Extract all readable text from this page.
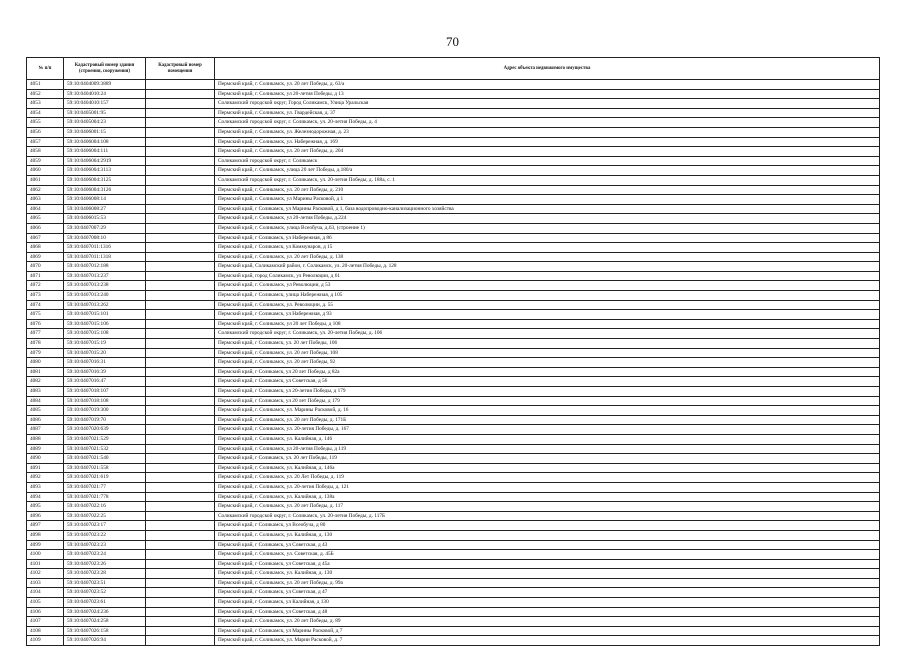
70
№ п/п	Кадастровый номер здания (строения, сооружения)	Кадастровый номер помещения	Адрес объекта недвижимого имущества
4051	59:10:0404009:3889		Пермский край, г. Соликамск, ул. 20 лет Победы, д. 63/а
4052	59:10:0404010:24		Пермский край, г. Соликамск, ул 20-летия Победы, д 13
4053	59:10:0404010:157		Соликамский городской округ, Город Соликамск, Улица Уральская
4054	59:10:0405001:95		Пермский край, г. Соликамск, ул. Гвардейская, д. 37
4055	59:10:0405004:23		Соликамский городской округ, г. Соликамск, ул. 20-летия Победы, д. 4
4056	59:10:0406001:15		Пермский край, г. Соликамск, ул. Железнодорожная, д. 23
4057	59:10:0406004:108		Пермский край, г. Соликамск, ул. Набережная, д. 169
4058	59:10:0406004:111		Пермский край, г. Соликамск, ул. 20 лет Победы, д. 204
4059	59:10:0406004:2919		Соликамский городской округ, г. Соликамск
4060	59:10:0406004:3113		Пермский край, г. Соликамск, улица 20 лет Победы, д.180/а
4061	59:10:0406004:3125		Соликамский городской округ, г. Соликамск, ул. 20-летия Победы, д. 188а, с. 1
4062	59:10:0406004:3126		Пермский край, г. Соликамск, ул. 20 лет Победы, д. 210
4063	59:10:0406008:14		Пермский край, г. Соликамск, ул Марины Расковой, д 1
4064	59:10:0406008:27		Пермский край, г Соликамск, ул Марины Расковой, д 1, база водопроводно-канализационного хозяйства
4065	59:10:0406015:53		Пермский край, г. Соликамск, ул 20-летия Победы, д.224
4066	59:10:0407007:29		Пермский край, г. Соликамск, улица Всеобуча, д.63, (строение 1)
4067	59:10:0407008:10		Пермский край, г Соликамск, ул Набережная, д 86
4068	59:10:0407011:1316		Пермский край, г Соликамск, ул Коммунаров, д 15
4069	59:10:0407011:1318		Пермский край, г. Соликамск, ул. 20 лет Победы, д. 138
4070	59:10:0407012:188		Пермский край, Соликамский район, г. Соликамск, ул. 20-летия Победы, д. 128
4071	59:10:0407013:237		Пермский край, город Соликамск, ул Революции, д 61
4072	59:10:0407013:238		Пермский край, г. Соликамск, ул Революции, д 53
4073	59:10:0407013:240		Пермский край, г Соликамск, улица Набережная, д 105
4074	59:10:0407013:262		Пермский край, г. Соликамск, ул. Революции, д. 55
4075	59:10:0407015:101		Пермский край, г Соликамск, ул Набережная, д 93
4076	59:10:0407015:106		Пермский край, г. Соликамск, ул 20 лет Победы, д 108
4077	59:10:0407015:108		Соликамский городской округ, г. Соликамск, ул. 20-летия Победы, д. 106
4078	59:10:0407015:19		Пермский край, г Соликамск, ул. 20 лет Победы, 106
4079	59:10:0407015:20		Пермский край, г. Соликамск, ул. 20 лет Победы, 108
4080	59:10:0407016:31		Пермский край, г. Соликамск, ул. 20 лет Победы, 92
4081	59:10:0407016:39		Пермский край, г Соликамск, ул 20 лет Победы, д 82а
4082	59:10:0407016:47		Пермский край, г Соликамск, ул Советская, д 56
4083	59:10:0407018:107		Пермский край, г Соликамск, ул 20-летия Победы, д 179
4084	59:10:0407018:108		Пермский край, г Соликамск, ул 20 лет Победы, д 179
4085	59:10:0407019:300		Пермский край, г. Соликамск, ул. Марины Расковой, д. 16
4086	59:10:0407019:70		Пермский край, г. Соликамск, ул. 20 лет Победы, д. 171Б
4087	59:10:0407020:639		Пермский край, г. Соликамск, ул. 20-летия Победы, д. 167
4088	59:10:0407021:529		Пермский край, г. Соликамск, ул. Калийная, д. 146
4089	59:10:0407021:532		Пермский край, г. Соликамск, ул 20-летия Победы, д 119
4090	59:10:0407021:540		Пермский край, г Соликамск, ул. 20 лет Победы, 119
4091	59:10:0407021:558		Пермский край, г. Соликамск, ул. Калийная, д. 146а
4092	59:10:0407021:619		Пермский край, г. Соликамск, ул. 20 Лет Победы, д. 119
4093	59:10:0407021:77		Пермский край, г. Соликамск, ул. 20-летия Победы, д. 121
4094	59:10:0407021:778		Пермский край, г. Соликамск, ул. Калийная, д. 138а
4095	59:10:0407022:16		Пермский край, г. Соликамск, ул. 20 лет Победы, д. 117
4096	59:10:0407022:25		Соликамский городской округ, г. Соликамск, ул. 20-летия Победы, д. 117Б
4097	59:10:0407023:17		Пермский край, г Соликамск, ул Всеобуча, д 80
4098	59:10:0407023:22		Пермский край, г. Соликамск, ул. Калийная, д. 130
4099	59:10:0407023:23		Пермский край, г Соликамск, ул Советская, д 43
4100	59:10:0407023:24		Пермский край, г. Соликамск, ул. Советская, д. 45Б
4101	59:10:0407023:26		Пермский край, г Соликамск, ул Советская, д 45а
4102	59:10:0407023:28		Пермский край, г. Соликамск, ул. Калийная, д. 130
4103	59:10:0407023:51		Пермский край, г. Соликамск, ул. 20 лет Победы, д. 99а
4104	59:10:0407023:52		Пермский край, г Соликамск, ул Советская, д 47
4105	59:10:0407023:61		Пермский край, г Соликамск, ул Калийная, д 130
4106	59:10:0407024:236		Пермский край, г Соликамск, ул Советская, д 48
4107	59:10:0407024:258		Пермский край, г. Соликамск, ул. 20 лет Победы, д. 89
4108	59:10:0407026:158		Пермский край, г Соликамск, ул Марины Расковой, д 7
4109	59:10:0407026:94		Пермский край, г. Соликамск, ул. Марии Расковой, д. 7
